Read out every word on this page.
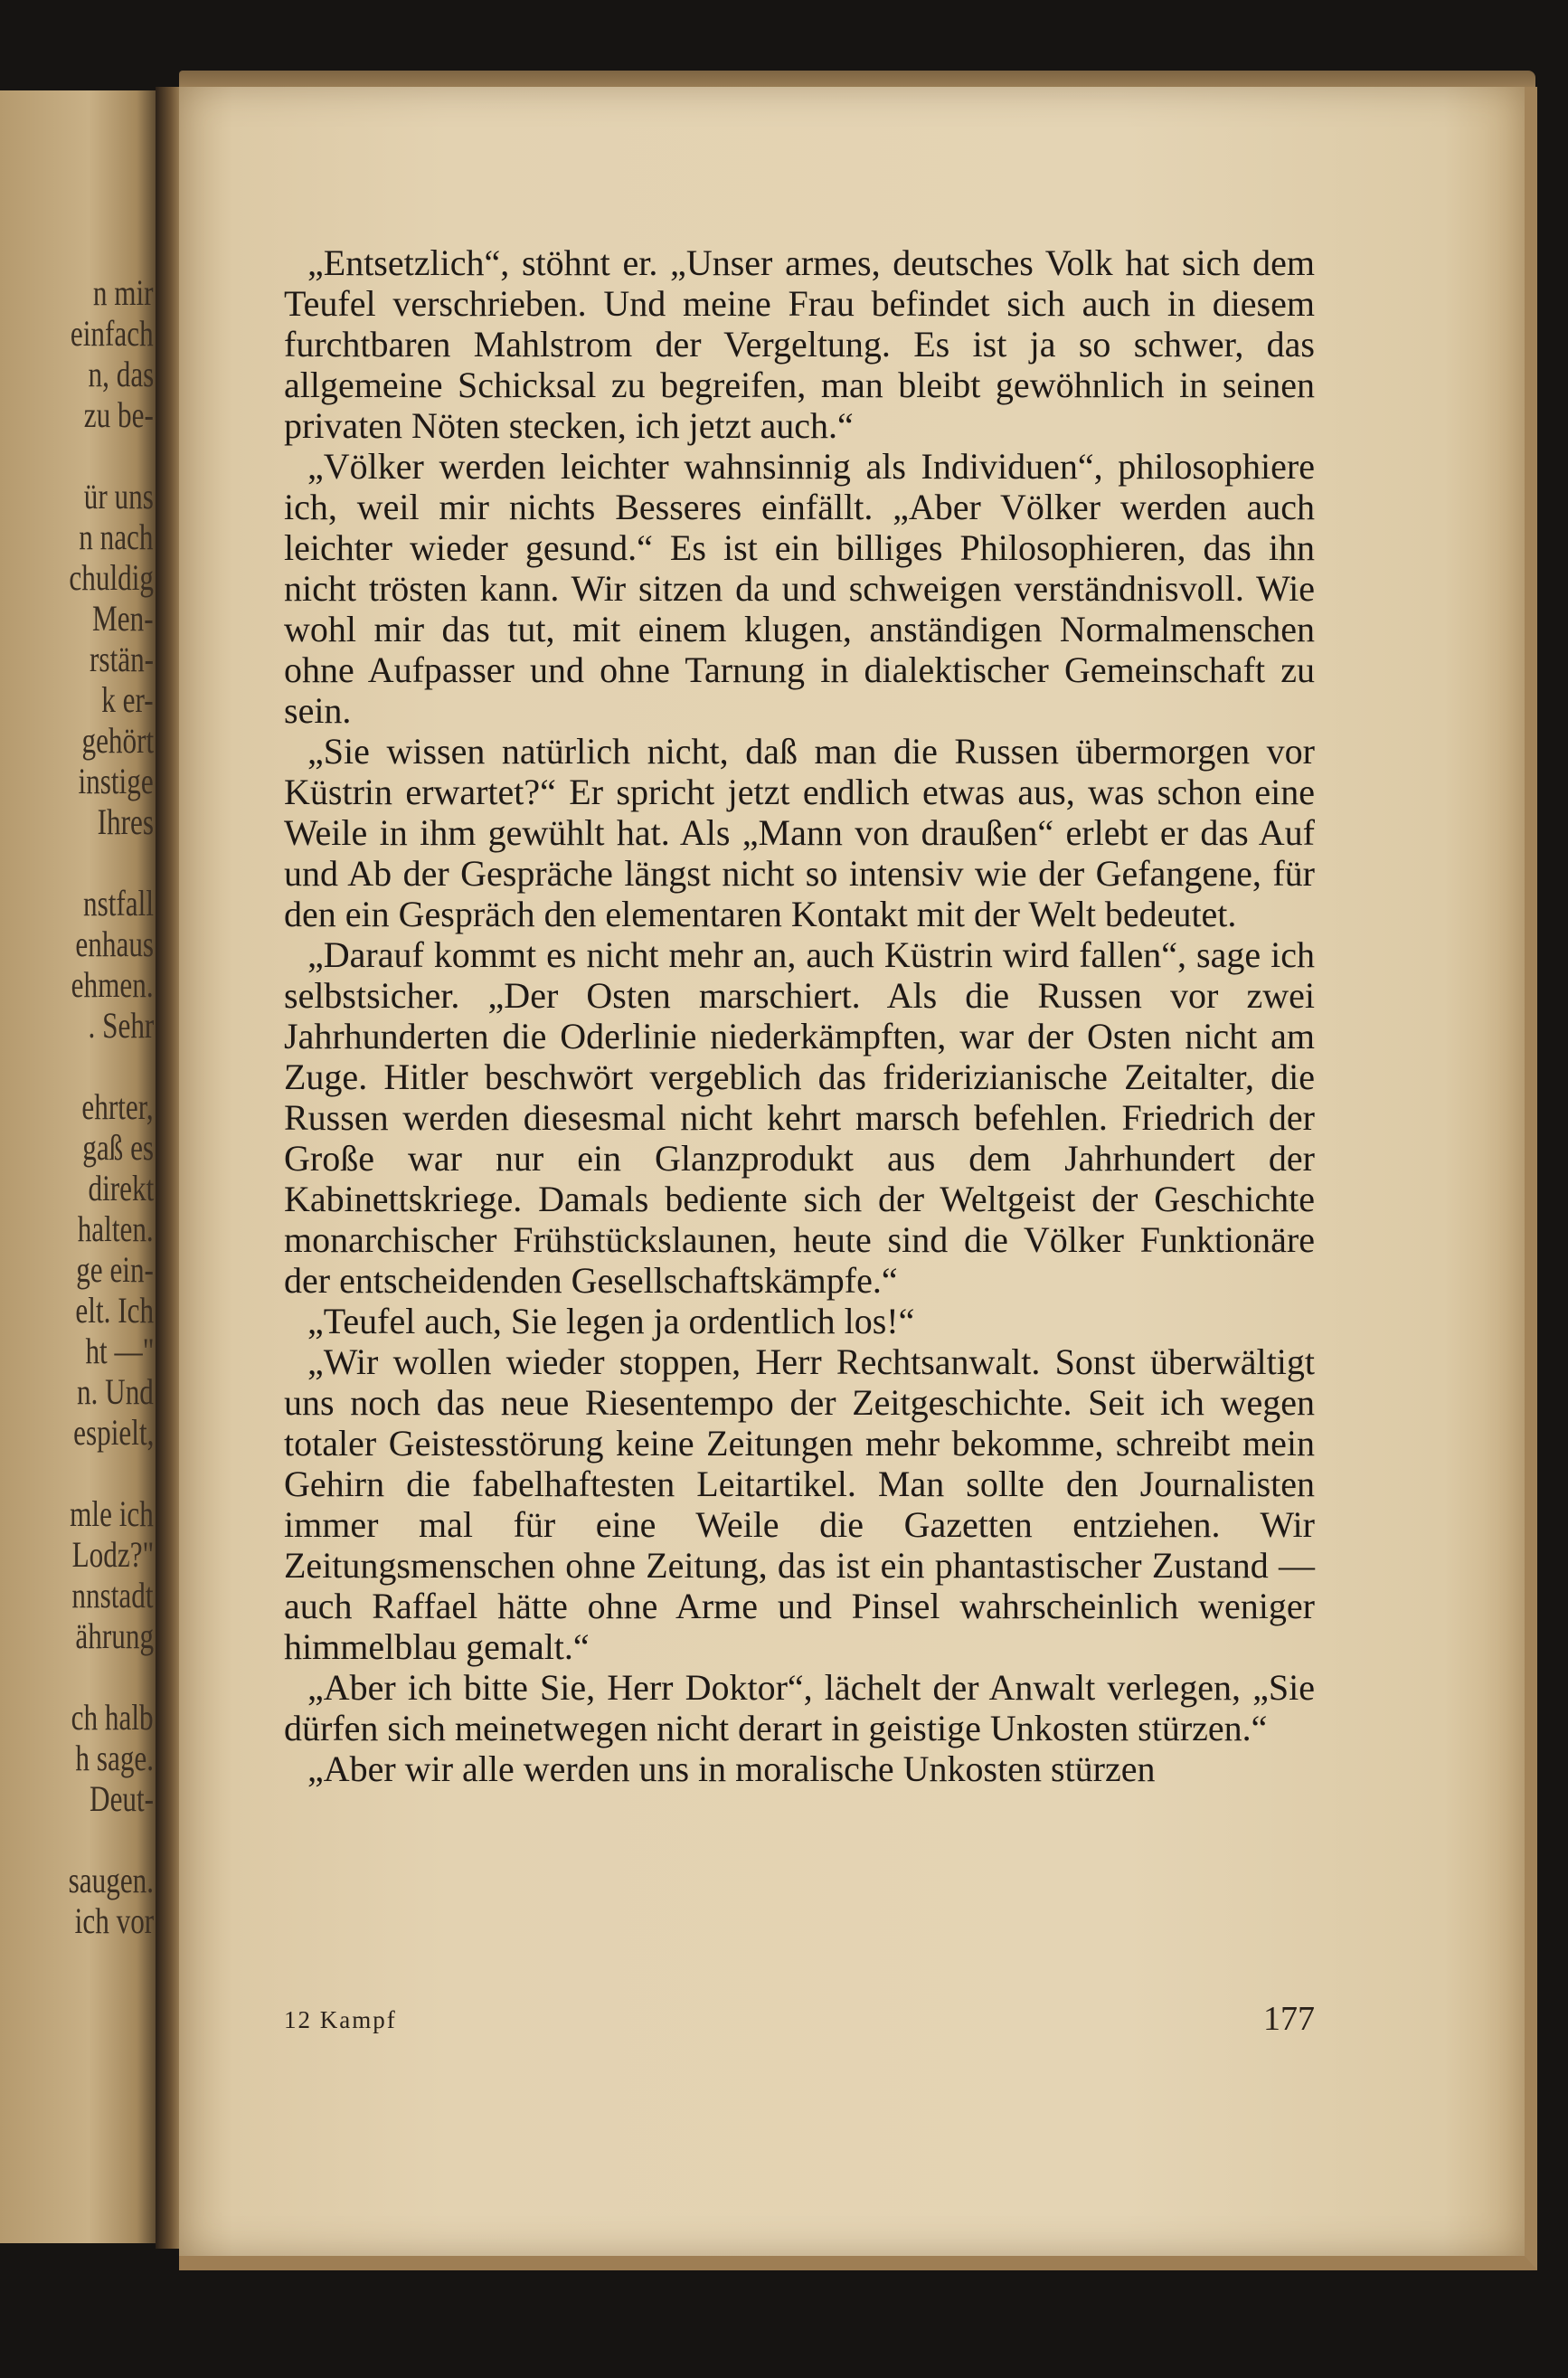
n mir
einfach
n, das
zu be-
ür uns
n nach
chuldig
Men-
rstän-
k er-
gehört
instige
Ihres
nstfall
enhaus
ehmen.
. Sehr
ehrter,
gaß es
direkt
halten.
ge ein-
elt. Ich
ht —"
n. Und
espielt,
mle ich
Lodz?"
nnstadt
ährung
ch halb
h sage.
Deut-
saugen.
ich vor

„Entsetzlich“, stöhnt er. „Unser armes, deutsches Volk hat sich dem Teufel verschrieben. Und meine Frau befindet sich auch in diesem furchtbaren Mahlstrom der Vergeltung. Es ist ja so schwer, das allgemeine Schicksal zu begreifen, man bleibt gewöhnlich in seinen privaten Nöten stecken, ich jetzt auch.“

„Völker werden leichter wahnsinnig als Individuen“, philosophiere ich, weil mir nichts Besseres einfällt. „Aber Völker werden auch leichter wieder gesund.“ Es ist ein billiges Philosophieren, das ihn nicht trösten kann. Wir sitzen da und schweigen verständnisvoll. Wie wohl mir das tut, mit einem klugen, anständigen Normalmenschen ohne Aufpasser und ohne Tarnung in dialektischer Gemeinschaft zu sein.

„Sie wissen natürlich nicht, daß man die Russen übermorgen vor Küstrin erwartet?“ Er spricht jetzt endlich etwas aus, was schon eine Weile in ihm gewühlt hat. Als „Mann von draußen“ erlebt er das Auf und Ab der Gespräche längst nicht so intensiv wie der Gefangene, für den ein Gespräch den elementaren Kontakt mit der Welt bedeutet.

„Darauf kommt es nicht mehr an, auch Küstrin wird fallen“, sage ich selbstsicher. „Der Osten marschiert. Als die Russen vor zwei Jahrhunderten die Oderlinie niederkämpften, war der Osten nicht am Zuge. Hitler beschwört vergeblich das friderizianische Zeitalter, die Russen werden diesesmal nicht kehrt marsch befehlen. Friedrich der Große war nur ein Glanzprodukt aus dem Jahrhundert der Kabinettskriege. Damals bediente sich der Weltgeist der Geschichte monarchischer Frühstückslaunen, heute sind die Völker Funktionäre der entscheidenden Gesellschaftskämpfe.“

„Teufel auch, Sie legen ja ordentlich los!“

„Wir wollen wieder stoppen, Herr Rechtsanwalt. Sonst überwältigt uns noch das neue Riesentempo der Zeitgeschichte. Seit ich wegen totaler Geistesstörung keine Zeitungen mehr bekomme, schreibt mein Gehirn die fabelhaftesten Leitartikel. Man sollte den Journalisten immer mal für eine Weile die Gazetten entziehen. Wir Zeitungsmenschen ohne Zeitung, das ist ein phantastischer Zustand — auch Raffael hätte ohne Arme und Pinsel wahrscheinlich weniger himmelblau gemalt.“

„Aber ich bitte Sie, Herr Doktor“, lächelt der Anwalt verlegen, „Sie dürfen sich meinetwegen nicht derart in geistige Unkosten stürzen.“

„Aber wir alle werden uns in moralische Unkosten stürzen

12 Kampf	177
